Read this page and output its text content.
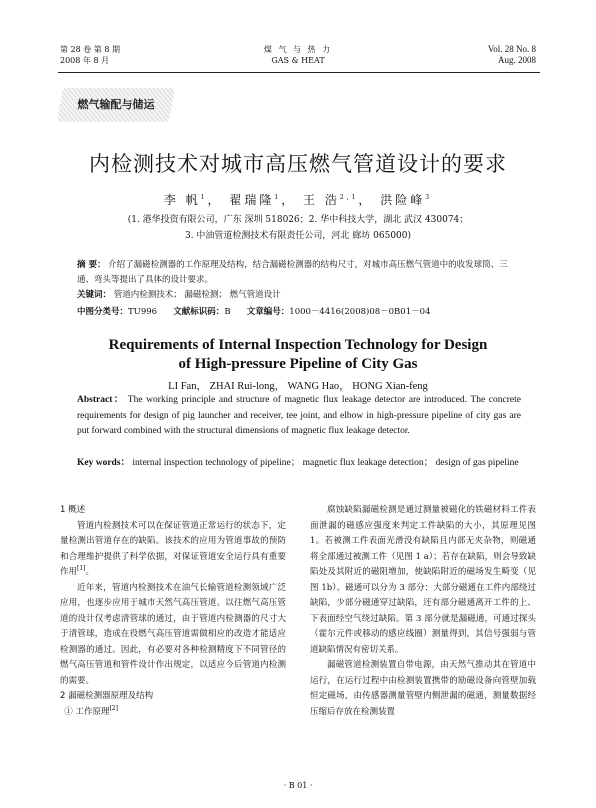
第 28 卷 第 8 期
2008 年 8 月
煤 气 与 热 力
GAS & HEAT
Vol. 28 No. 8
Aug. 2008
燃气输配与储运
内检测技术对城市高压燃气管道设计的要求
李 帆$^1$， 翟瑞隆$^1$， 王 浩$^{2,1}$， 洪险峰$^3$
(1. 港华投资有限公司，广东 深圳 518026；2. 华中科技大学，湖北 武汉 430074；
3. 中油管道检测技术有限责任公司，河北 廊坊 065000)
摘 要： 介绍了漏磁检测器的工作原理及结构，结合漏磁检测器的结构尺寸，对城市高压燃气管道中的收发球筒、三通、弯头等提出了具体的设计要求。
关键词： 管道内检测技术； 漏磁检测； 燃气管道设计
中图分类号：TU996 文献标识码：B 文章编号：1000－4416(2008)08－0B01－04
Requirements of Internal Inspection Technology for Design
of High-pressure Pipeline of City Gas
LI Fan， ZHAI Rui-long， WANG Hao， HONG Xian-feng
Abstract： The working principle and structure of magnetic flux leakage detector are introduced. The concrete requirements for design of pig launcher and receiver, tee joint, and elbow in high-pressure pipeline of city gas are put forward combined with the structural dimensions of magnetic flux leakage detector.
Key words： internal inspection technology of pipeline； magnetic flux leakage detection； design of gas pipeline

1 概述

管道内检测技术可以在保证管道正常运行的状态下，定量检测出管道存在的缺陷。该技术的应用为管道事故的预防和合理维护提供了科学依据，对保证管道安全运行具有重要作用[1]。

近年来，管道内检测技术在油气长输管道检测领域广泛应用，也逐步应用于城市天然气高压管道。以往燃气高压管道的设计仅考虑清管球的通过，由于管道内检测器的尺寸大于清管球，造成在役燃气高压管道需做相应的改造才能适应检测器的通过。因此，有必要对各种检测精度下不同管径的燃气高压管道和管件设计作出规定，以适应今后管道内检测的需要。

2 漏磁检测器原理及结构

① 工作原理[2]

腐蚀缺陷漏磁检测是通过测量被磁化的铁磁材料工件表面泄漏的磁感应强度来判定工件缺陷的大小，其原理见图 1。若被测工件表面光滑没有缺陷且内部无夹杂物，则磁通将全部通过被测工件（见图 1 a）；若存在缺陷，则会导致缺陷处及其附近的磁阻增加，使缺陷附近的磁场发生畸变（见图 1b）。磁通可以分为 3 部分：大部分磁通在工件内部绕过缺陷，少部分磁通穿过缺陷，还有部分磁通离开工件的上、下表面经空气绕过缺陷。第 3 部分就是漏磁通，可通过探头（霍尔元件或移动的感应线圈）测量得到，其信号强弱与管道缺陷情况有密切关系。

漏磁管道检测装置自带电源，由天然气推动其在管道中运行，在运行过程中由检测装置携带的励磁设备向管壁加载恒定磁场，由传感器测量管壁内侧泄漏的磁通，测量数据经压缩后存放在检测装置

· B 01 ·
